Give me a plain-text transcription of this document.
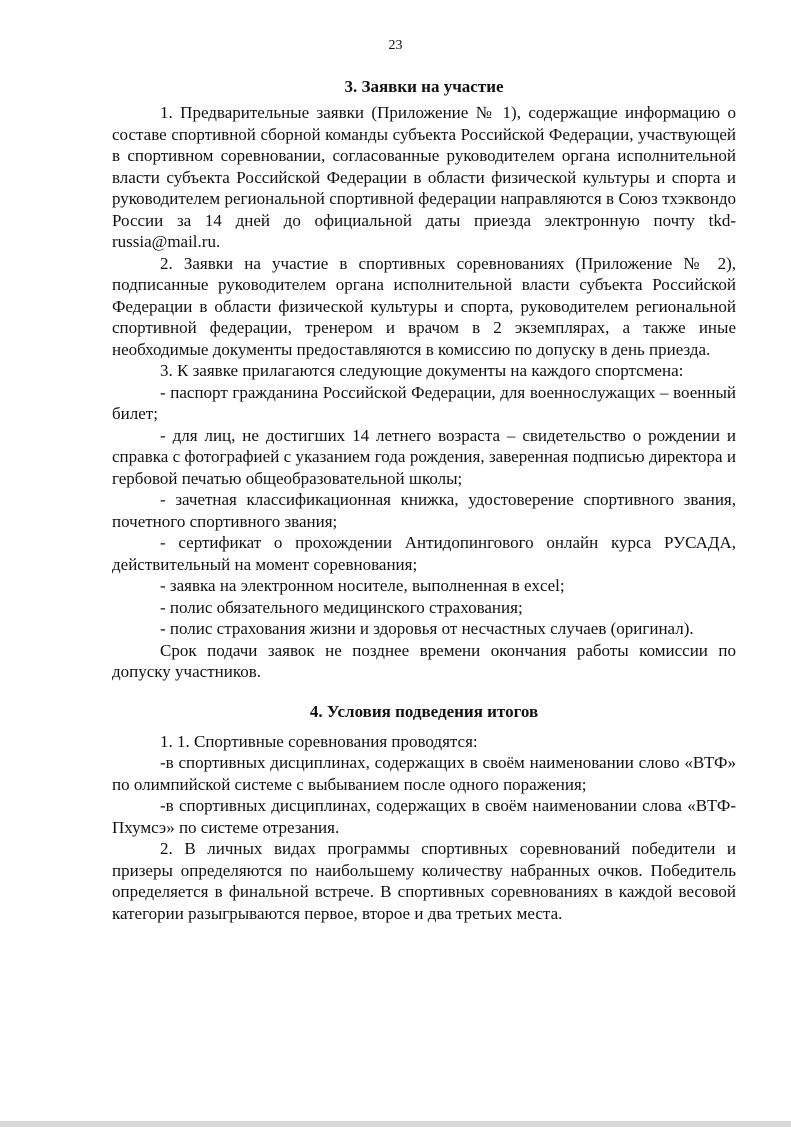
23
3. Заявки на участие

1. Предварительные заявки (Приложение № 1), содержащие информацию о составе спортивной сборной команды субъекта Российской Федерации, участвующей в спортивном соревновании, согласованные руководителем органа исполнительной власти субъекта Российской Федерации в области физической культуры и спорта и руководителем региональной спортивной федерации направляются в Союз тхэквондо России за 14 дней до официальной даты приезда электронную почту tkd-russia@mail.ru.

2. Заявки на участие в спортивных соревнованиях (Приложение № 2), подписанные руководителем органа исполнительной власти субъекта Российской Федерации в области физической культуры и спорта, руководителем региональной спортивной федерации, тренером и врачом в 2 экземплярах, а также иные необходимые документы предоставляются в комиссию по допуску в день приезда.

3. К заявке прилагаются следующие документы на каждого спортсмена:

- паспорт гражданина Российской Федерации, для военнослужащих – военный билет;

- для лиц, не достигших 14 летнего возраста – свидетельство о рождении и справка с фотографией с указанием года рождения, заверенная подписью директора и гербовой печатью общеобразовательной школы;

- зачетная классификационная книжка, удостоверение спортивного звания, почетного спортивного звания;

- сертификат о прохождении Антидопингового онлайн курса РУСАДА, действительный на момент соревнования;

- заявка на электронном носителе, выполненная в excel;

- полис обязательного медицинского страхования;

- полис страхования жизни и здоровья от несчастных случаев (оригинал).

Срок подачи заявок не позднее времени окончания работы комиссии по допуску участников.

4. Условия подведения итогов

1. 1. Спортивные соревнования проводятся:

-в спортивных дисциплинах, содержащих в своём наименовании слово «ВТФ» по олимпийской системе с выбыванием после одного поражения;

-в спортивных дисциплинах, содержащих в своём наименовании слова «ВТФ-Пхумсэ» по системе отрезания.

2. В личных видах программы спортивных соревнований победители и призеры определяются по наибольшему количеству набранных очков. Победитель определяется в финальной встрече. В спортивных соревнованиях в каждой весовой категории разыгрываются первое, второе и два третьих места.
